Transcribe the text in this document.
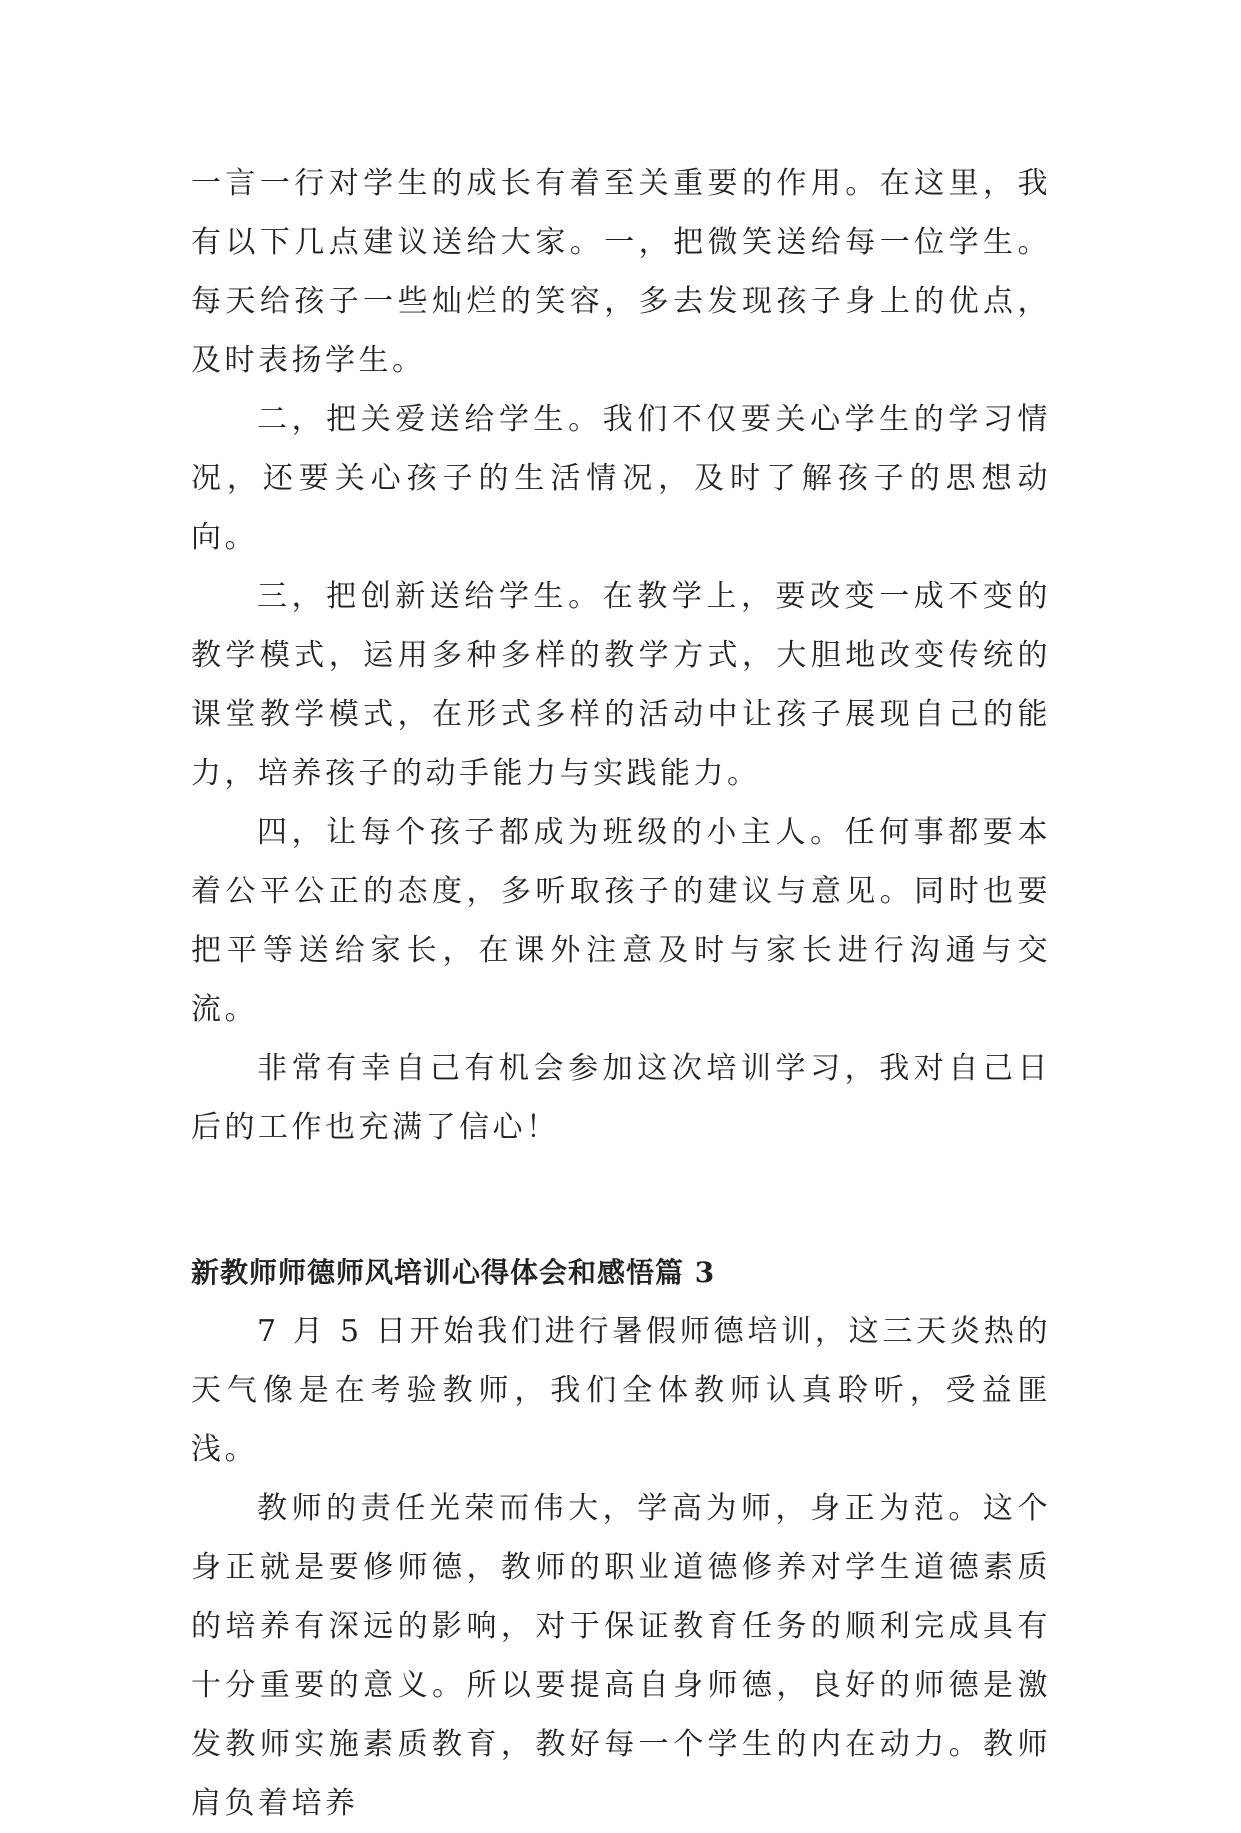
一言一行对学生的成长有着至关重要的作用。在这里，我有以下几点建议送给大家。一，把微笑送给每一位学生。每天给孩子一些灿烂的笑容，多去发现孩子身上的优点，及时表扬学生。

二，把关爱送给学生。我们不仅要关心学生的学习情况，还要关心孩子的生活情况，及时了解孩子的思想动向。

三，把创新送给学生。在教学上，要改变一成不变的教学模式，运用多种多样的教学方式，大胆地改变传统的课堂教学模式，在形式多样的活动中让孩子展现自己的能力，培养孩子的动手能力与实践能力。

四，让每个孩子都成为班级的小主人。任何事都要本着公平公正的态度，多听取孩子的建议与意见。同时也要把平等送给家长，在课外注意及时与家长进行沟通与交流。

非常有幸自己有机会参加这次培训学习，我对自己日后的工作也充满了信心！

新教师师德师风培训心得体会和感悟篇 3

7 月 5 日开始我们进行暑假师德培训，这三天炎热的天气像是在考验教师，我们全体教师认真聆听，受益匪浅。

教师的责任光荣而伟大，学高为师，身正为范。这个身正就是要修师德，教师的职业道德修养对学生道德素质的培养有深远的影响，对于保证教育任务的顺利完成具有十分重要的意义。所以要提高自身师德，良好的师德是激发教师实施素质教育，教好每一个学生的内在动力。教师肩负着培养
